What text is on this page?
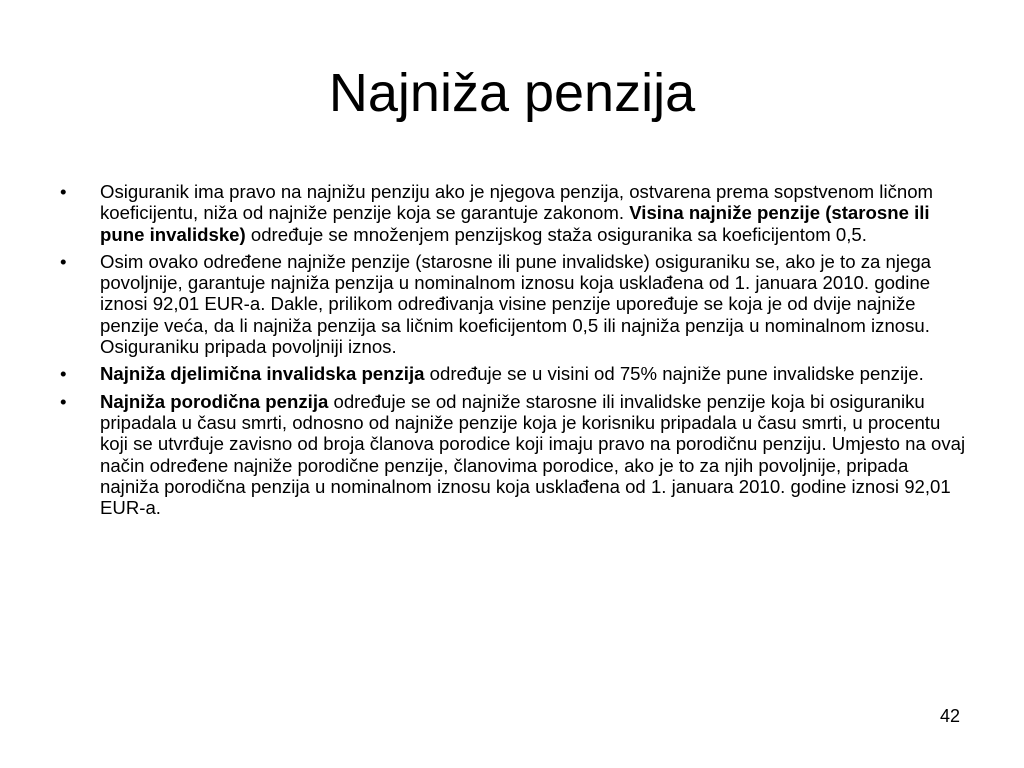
Najniža penzija
•	Osiguranik ima pravo na najnižu penziju ako je njegova penzija, ostvarena prema sopstvenom ličnom koeficijentu, niža od najniže penzije koja se garantuje zakonom. Visina najniže penzije (starosne ili pune invalidske) određuje se množenjem penzijskog staža osiguranika sa koeficijentom 0,5.
•	Osim ovako određene najniže penzije (starosne ili pune invalidske) osiguraniku se, ako je to za njega povoljnije, garantuje najniža penzija u nominalnom iznosu koja usklađena od 1. januara 2010. godine iznosi 92,01 EUR-a. Dakle, prilikom određivanja visine penzije upoređuje se koja je od dvije najniže penzije veća, da li najniža penzija sa ličnim koeficijentom 0,5 ili najniža penzija u nominalnom iznosu. Osiguraniku pripada povoljniji iznos.
•	Najniža djelimična invalidska penzija određuje se u visini od 75% najniže pune invalidske penzije.
•	Najniža porodična penzija određuje se od najniže starosne ili invalidske penzije koja bi osiguraniku pripadala u času smrti, odnosno od najniže penzije koja je korisniku pripadala u času smrti, u procentu koji se utvrđuje zavisno od broja članova porodice koji imaju pravo na porodičnu penziju. Umjesto na ovaj način određene najniže porodične penzije, članovima porodice, ako je to za njih povoljnije, pripada najniža porodična penzija u nominalnom iznosu koja usklađena od 1. januara 2010. godine iznosi 92,01 EUR-a.
42
